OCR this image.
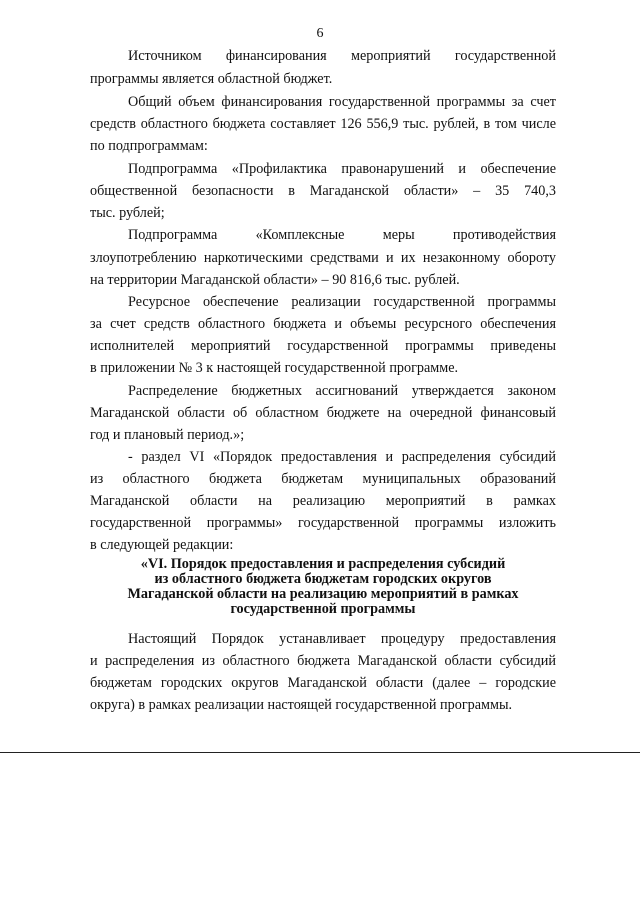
6
Источником финансирования мероприятий государственной
программы является областной бюджет.
Общий объем финансирования государственной программы за счет
средств областного бюджета составляет 126 556,9 тыс. рублей, в том числе
по подпрограммам:
Подпрограмма «Профилактика правонарушений и обеспечение
общественной безопасности в Магаданской области» – 35 740,3
тыс. рублей;
Подпрограмма «Комплексные меры противодействия
злоупотреблению наркотическими средствами и их незаконному обороту
на территории Магаданской области» – 90 816,6 тыс. рублей.
Ресурсное обеспечение реализации государственной программы
за счет средств областного бюджета и объемы ресурсного обеспечения
исполнителей мероприятий государственной программы приведены
в приложении № 3 к настоящей государственной программе.
Распределение бюджетных ассигнований утверждается законом
Магаданской области об областном бюджете на очередной финансовый
год и плановый период.»;
- раздел VI «Порядок предоставления и распределения субсидий
из областного бюджета бюджетам муниципальных образований
Магаданской области на реализацию мероприятий в рамках
государственной программы» государственной программы изложить
в следующей редакции:
«VI. Порядок предоставления и распределения субсидий
из областного бюджета бюджетам городских округов
Магаданской области на реализацию мероприятий в рамках
государственной программы
Настоящий Порядок устанавливает процедуру предоставления
и распределения из областного бюджета Магаданской области субсидий
бюджетам городских округов Магаданской области (далее – городские
округа) в рамках реализации настоящей государственной программы.
